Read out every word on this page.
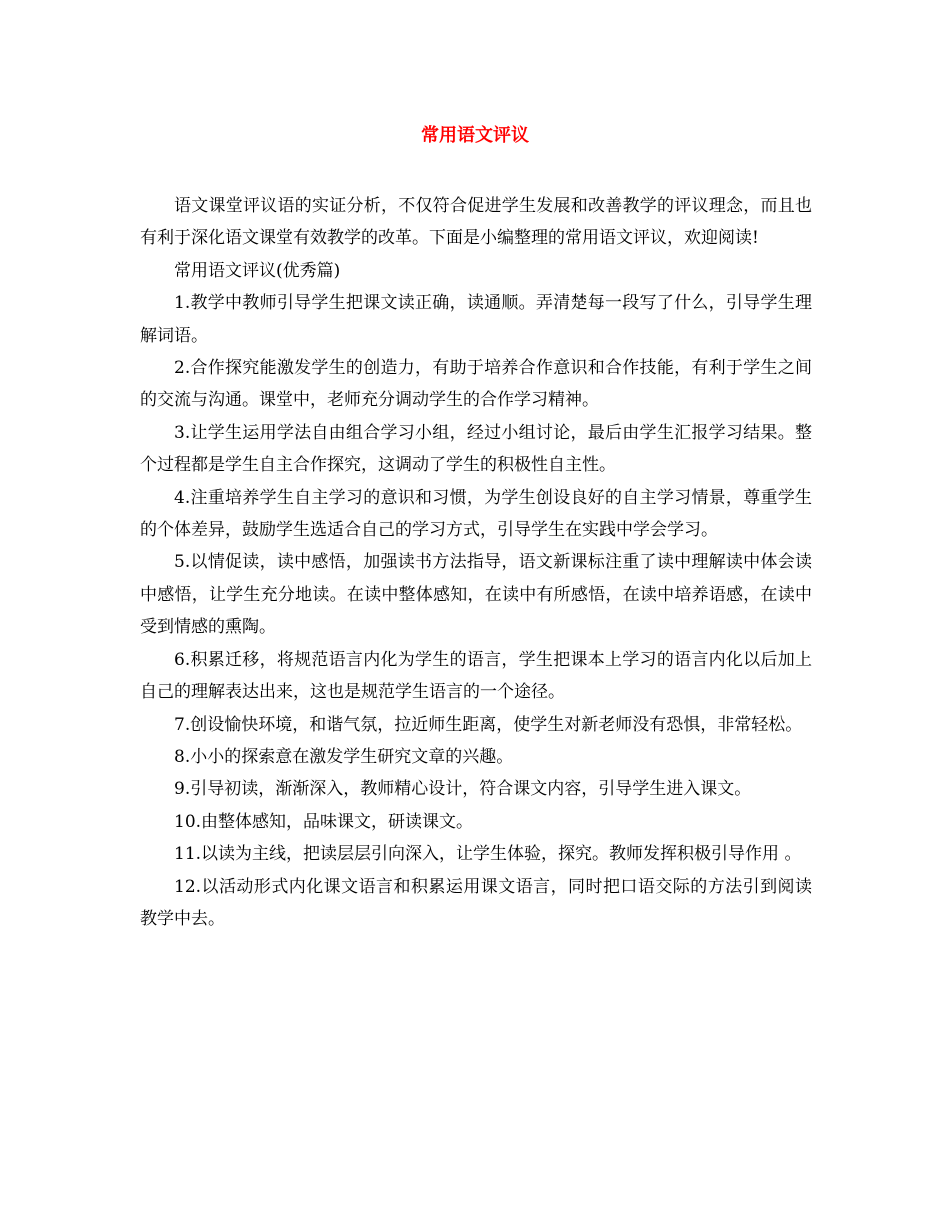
常用语文评议

语文课堂评议语的实证分析，不仅符合促进学生发展和改善教学的评议理念，而且也有利于深化语文课堂有效教学的改革。下面是小编整理的常用语文评议，欢迎阅读!

常用语文评议(优秀篇)

1.教学中教师引导学生把课文读正确，读通顺。弄清楚每一段写了什么，引导学生理解词语。

2.合作探究能激发学生的创造力，有助于培养合作意识和合作技能，有利于学生之间的交流与沟通。课堂中，老师充分调动学生的合作学习精神。

3.让学生运用学法自由组合学习小组，经过小组讨论，最后由学生汇报学习结果。整个过程都是学生自主合作探究，这调动了学生的积极性自主性。

4.注重培养学生自主学习的意识和习惯，为学生创设良好的自主学习情景，尊重学生的个体差异，鼓励学生选适合自己的学习方式，引导学生在实践中学会学习。

5.以情促读，读中感悟，加强读书方法指导，语文新课标注重了读中理解读中体会读中感悟，让学生充分地读。在读中整体感知，在读中有所感悟，在读中培养语感，在读中受到情感的熏陶。

6.积累迁移，将规范语言内化为学生的语言，学生把课本上学习的语言内化以后加上自己的理解表达出来，这也是规范学生语言的一个途径。

7.创设愉快环境，和谐气氛，拉近师生距离，使学生对新老师没有恐惧，非常轻松。

8.小小的探索意在激发学生研究文章的兴趣。

9.引导初读，渐渐深入，教师精心设计，符合课文内容，引导学生进入课文。

10.由整体感知，品味课文，研读课文。

11.以读为主线，把读层层引向深入，让学生体验，探究。教师发挥积极引导作用 。

12.以活动形式内化课文语言和积累运用课文语言，同时把口语交际的方法引到阅读教学中去。
